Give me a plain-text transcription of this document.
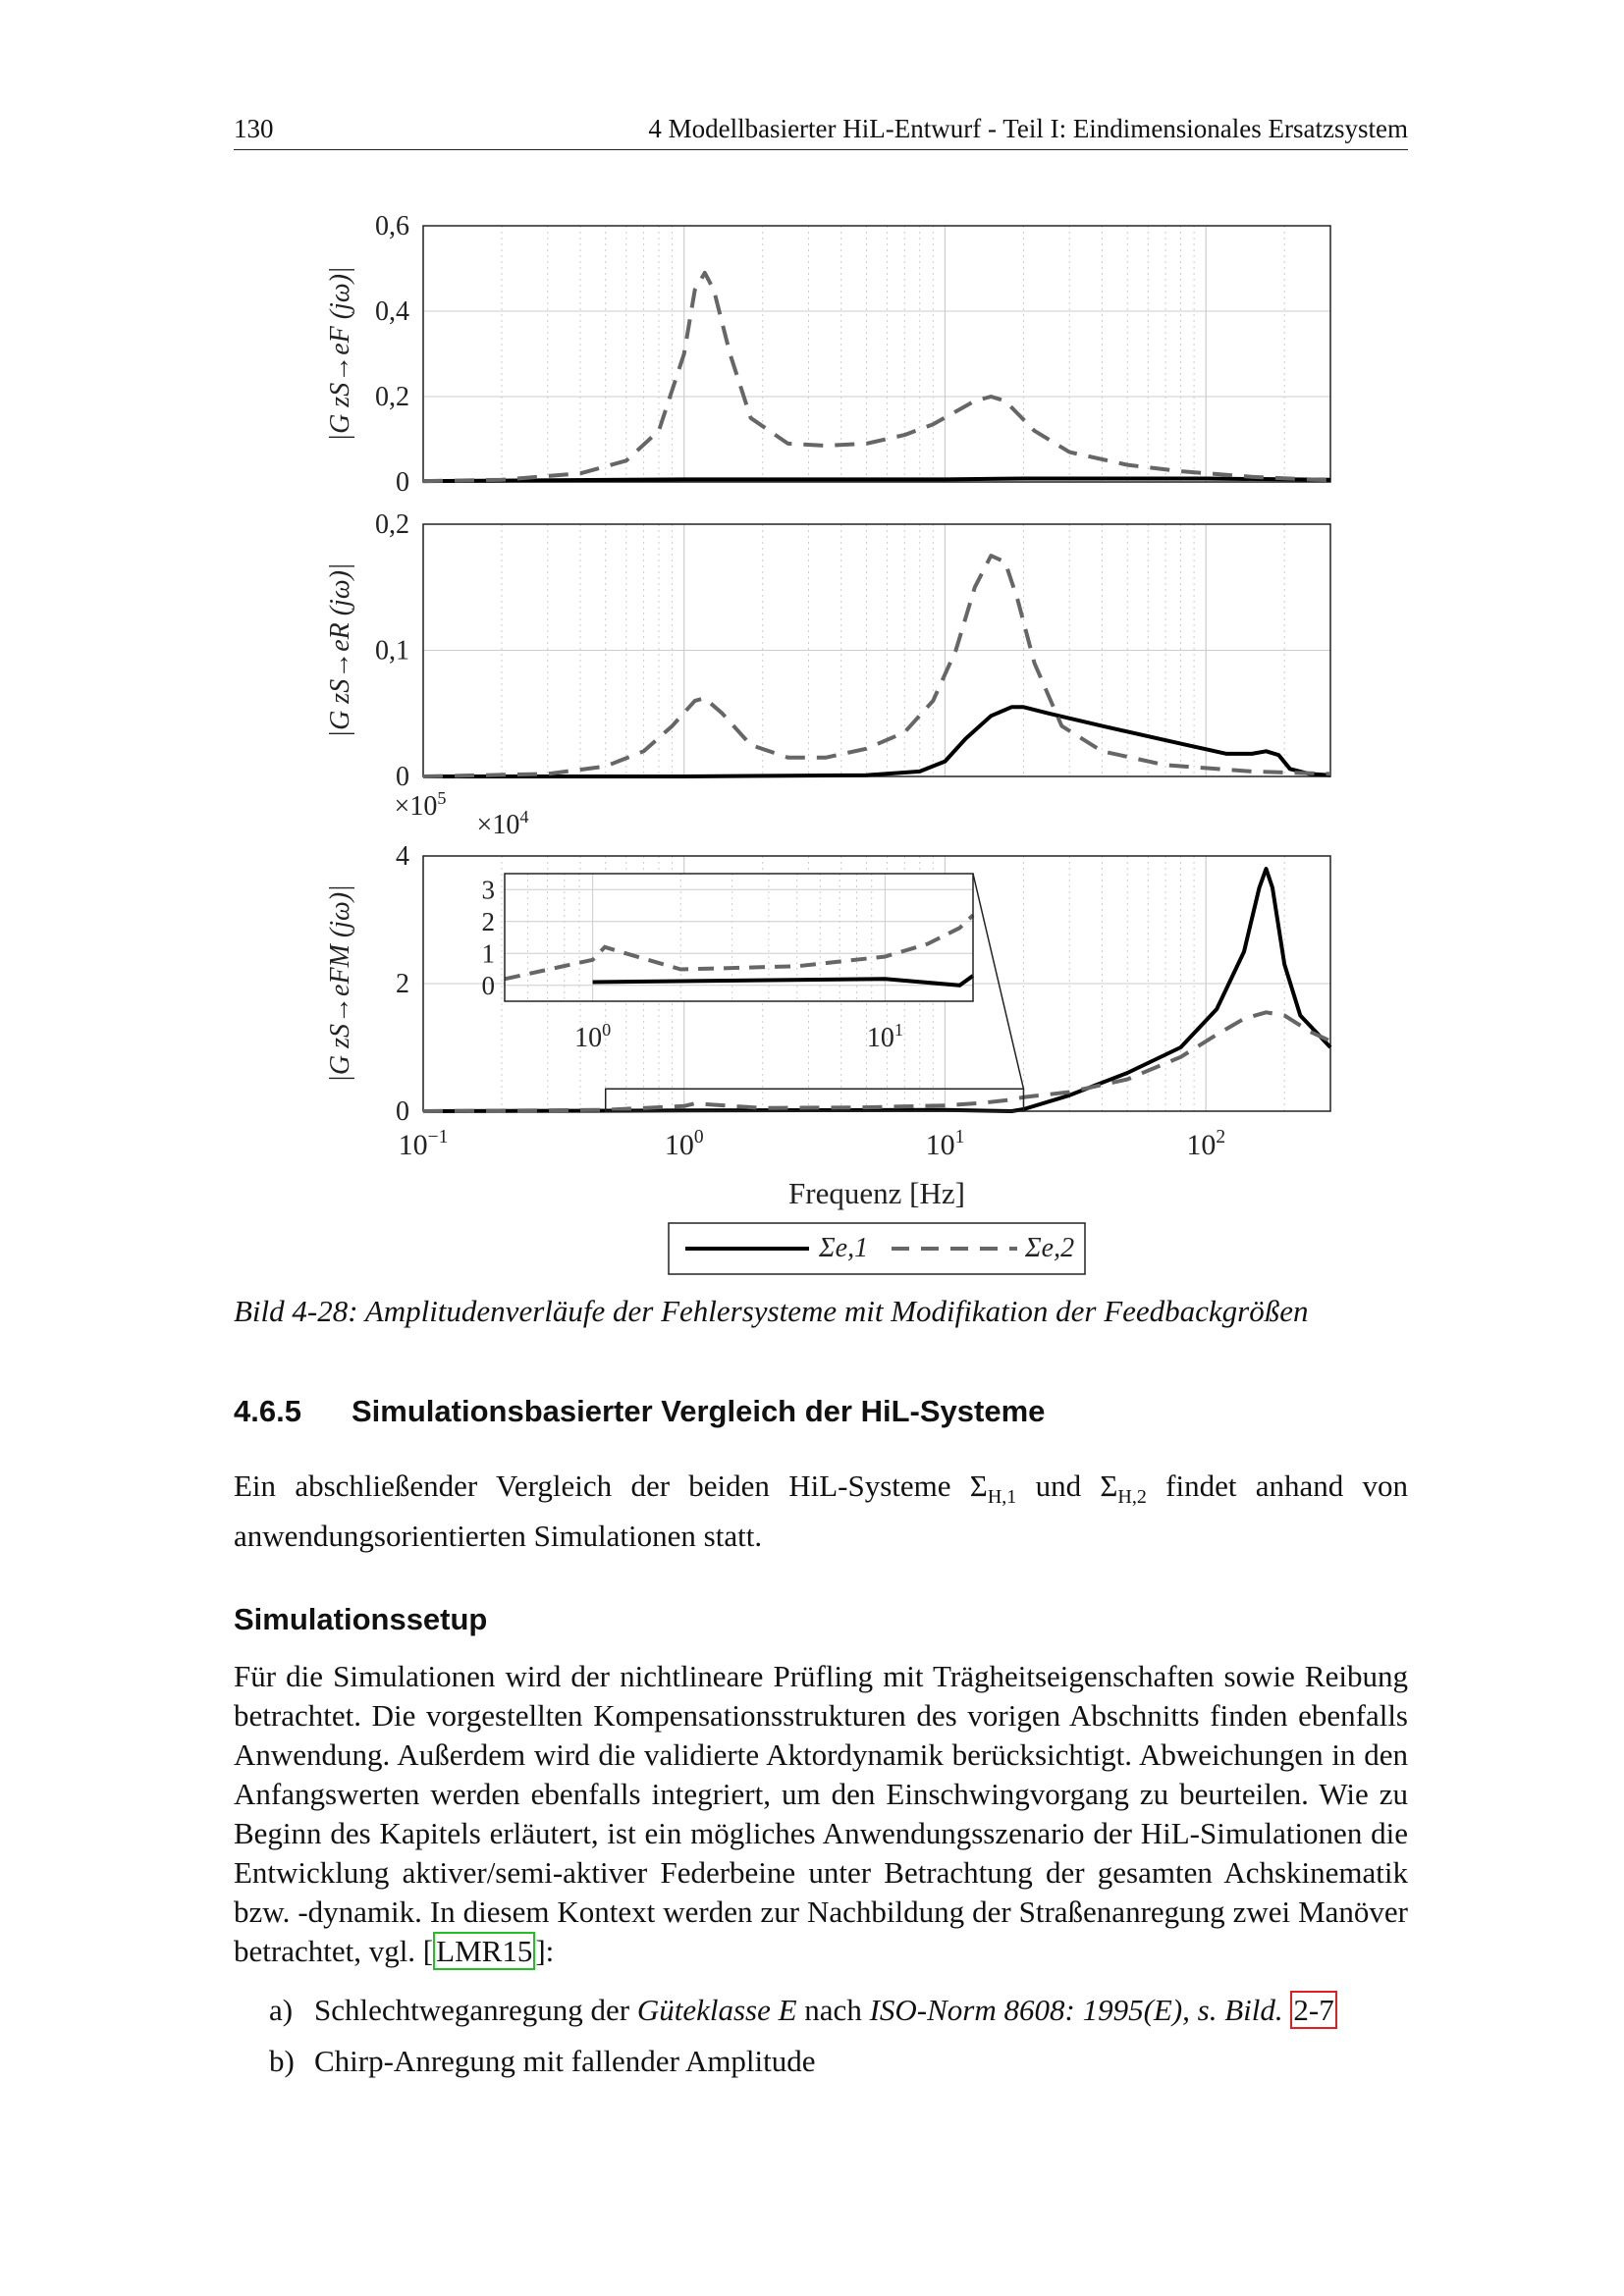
130	4 Modellbasierter HiL-Entwurf - Teil I: Eindimensionales Ersatzsystem
0
0,2
0,4
0,6
|G zS→eF (jω)|
0
0,1
0,2
|G zS→eR (jω)|
0
2
4
|G zS→eFM (jω)|
$\times 10^5$
0
1
2
3
$10^0$	$10^1$
$\times 10^4$
$10^{-1}$	$10^0$	$10^1$	$10^2$
Frequenz [Hz]
Σe,1	Σe,2
Bild 4-28: Amplitudenverläufe der Fehlersysteme mit Modifikation der Feedbackgrößen
4.6.5 Simulationsbasierter Vergleich der HiL-Systeme

Ein abschließender Vergleich der beiden HiL-Systeme $\Sigma_{H,1}$ und $\Sigma_{H,2}$ findet anhand von anwendungsorientierten Simulationen statt.

Simulationssetup

Für die Simulationen wird der nichtlineare Prüfling mit Trägheitseigenschaften sowie Reibung betrachtet. Die vorgestellten Kompensationsstrukturen des vorigen Abschnitts finden ebenfalls Anwendung. Außerdem wird die validierte Aktordynamik berücksichtigt. Abweichungen in den Anfangswerten werden ebenfalls integriert, um den Einschwingvorgang zu beurteilen. Wie zu Beginn des Kapitels erläutert, ist ein mögliches Anwendungsszenario der HiL-Simulationen die Entwicklung aktiver/semi-aktiver Federbeine unter Betrachtung der gesamten Achskinematik bzw. -dynamik. In diesem Kontext werden zur Nachbildung der Straßenanregung zwei Manöver betrachtet, vgl. [LMR15]:

a) Schlechtweganregung der Güteklasse E nach ISO-Norm 8608: 1995(E), s. Bild. 2-7
b) Chirp-Anregung mit fallender Amplitude
